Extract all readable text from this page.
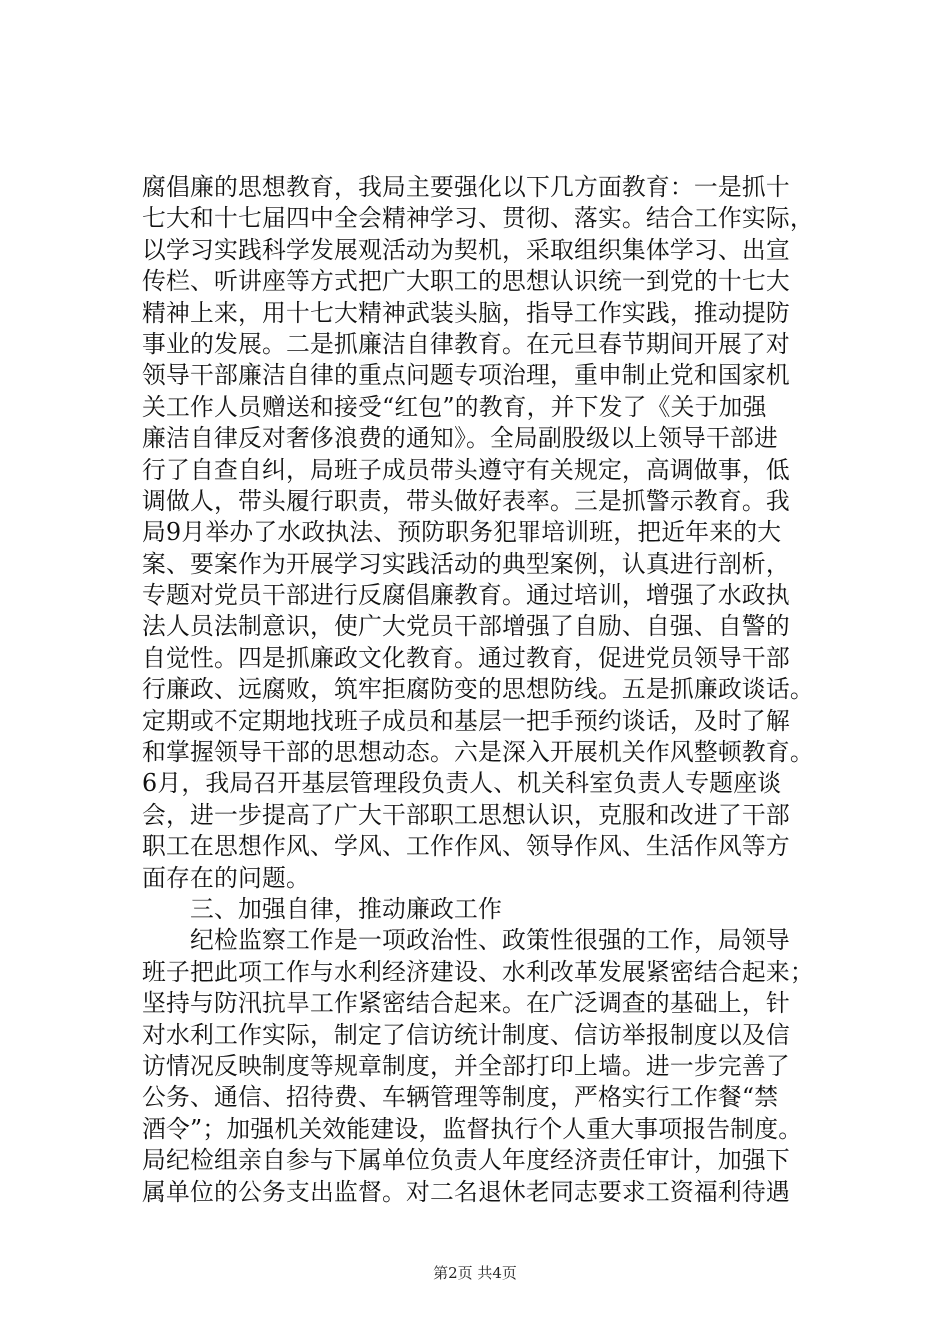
腐倡廉的思想教育，我局主要强化以下几方面教育：一是抓十
七大和十七届四中全会精神学习、贯彻、落实。结合工作实际，
以学习实践科学发展观活动为契机，采取组织集体学习、出宣
传栏、听讲座等方式把广大职工的思想认识统一到党的十七大
精神上来，用十七大精神武装头脑，指导工作实践，推动提防
事业的发展。二是抓廉洁自律教育。在元旦春节期间开展了对
领导干部廉洁自律的重点问题专项治理，重申制止党和国家机
关工作人员赠送和接受“红包”的教育，并下发了《关于加强
廉洁自律反对奢侈浪费的通知》。全局副股级以上领导干部进
行了自查自纠，局班子成员带头遵守有关规定，高调做事，低
调做人，带头履行职责，带头做好表率。三是抓警示教育。我
局9月举办了水政执法、预防职务犯罪培训班，把近年来的大
案、要案作为开展学习实践活动的典型案例，认真进行剖析，
专题对党员干部进行反腐倡廉教育。通过培训，增强了水政执
法人员法制意识，使广大党员干部增强了自励、自强、自警的
自觉性。四是抓廉政文化教育。通过教育，促进党员领导干部
行廉政、远腐败，筑牢拒腐防变的思想防线。五是抓廉政谈话。
定期或不定期地找班子成员和基层一把手预约谈话，及时了解
和掌握领导干部的思想动态。六是深入开展机关作风整顿教育。
6月，我局召开基层管理段负责人、机关科室负责人专题座谈
会，进一步提高了广大干部职工思想认识，克服和改进了干部
职工在思想作风、学风、工作作风、领导作风、生活作风等方
面存在的问题。
三、加强自律，推动廉政工作
纪检监察工作是一项政治性、政策性很强的工作，局领导
班子把此项工作与水利经济建设、水利改革发展紧密结合起来；
坚持与防汛抗旱工作紧密结合起来。在广泛调查的基础上，针
对水利工作实际，制定了信访统计制度、信访举报制度以及信
访情况反映制度等规章制度，并全部打印上墙。进一步完善了
公务、通信、招待费、车辆管理等制度，严格实行工作餐“禁
酒令”；加强机关效能建设，监督执行个人重大事项报告制度。
局纪检组亲自参与下属单位负责人年度经济责任审计，加强下
属单位的公务支出监督。对二名退休老同志要求工资福利待遇
第2页 共4页
